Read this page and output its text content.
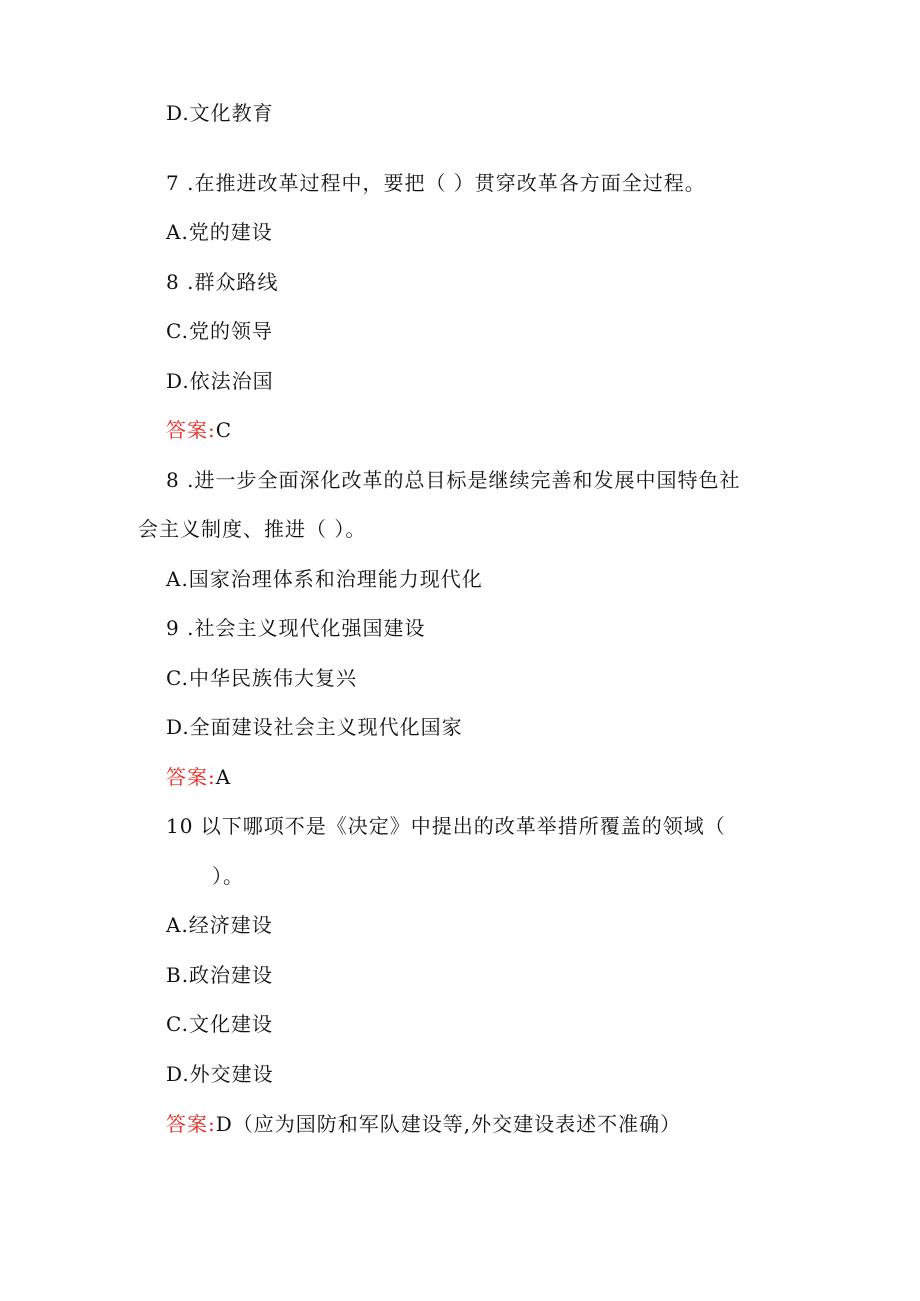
D.文化教育
7 .在推进改革过程中，要把（ ）贯穿改革各方面全过程。
A.党的建设
8 .群众路线
C.党的领导
D.依法治国
答案:C
8 .进一步全面深化改革的总目标是继续完善和发展中国特色社
会主义制度、推进（ ）。
A.国家治理体系和治理能力现代化
9 .社会主义现代化强国建设
C.中华民族伟大复兴
D.全面建设社会主义现代化国家
答案:A
10 以下哪项不是《决定》中提出的改革举措所覆盖的领域（
）。
A.经济建设
B.政治建设
C.文化建设
D.外交建设
答案:D（应为国防和军队建设等,外交建设表述不准确）
